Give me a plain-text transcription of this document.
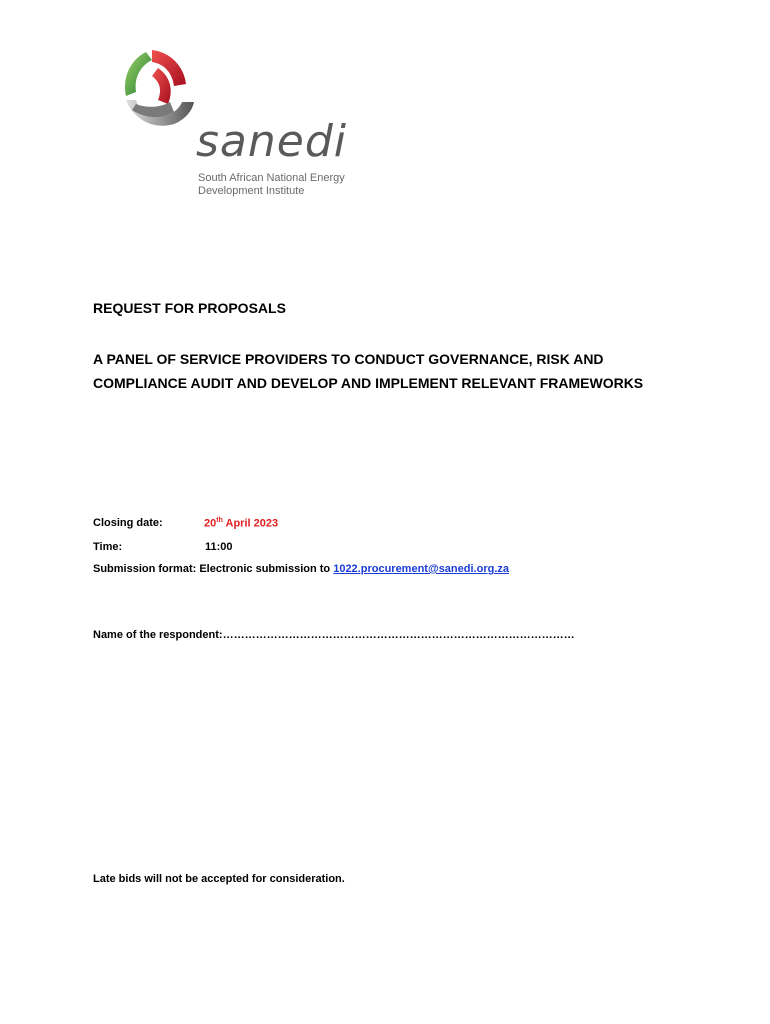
sanedi
South African National Energy
Development Institute
REQUEST FOR PROPOSALS
A PANEL OF SERVICE PROVIDERS TO CONDUCT GOVERNANCE, RISK AND COMPLIANCE AUDIT AND DEVELOP AND IMPLEMENT RELEVANT FRAMEWORKS
Closing date:	20th April 2023
Time:	11:00
Submission format: Electronic submission to 1022.procurement@sanedi.org.za
Name of the respondent:……………………………………………………………………………………
Late bids will not be accepted for consideration.
